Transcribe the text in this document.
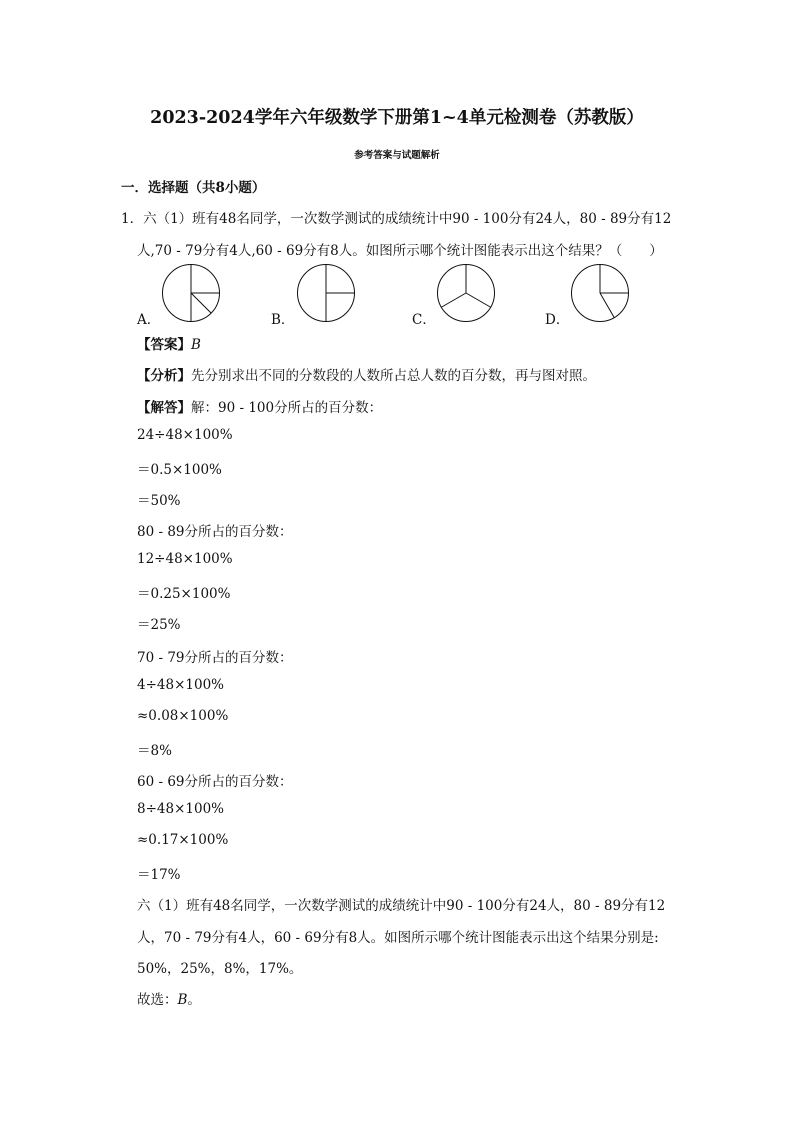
2023-2024学年六年级数学下册第1~4单元检测卷（苏教版）
参考答案与试题解析
一．选择题（共8小题）
1．六（1）班有48名同学，一次数学测试的成绩统计中90 - 100分有24人，80 - 89分有12
人,70 - 79分有4人,60 - 69分有8人。如图所示哪个统计图能表示出这个结果？（　　）
A．	B．	C．	D．
【答案】B
【分析】先分别求出不同的分数段的人数所占总人数的百分数，再与图对照。
【解答】解：90 - 100分所占的百分数：
24÷48×100%
＝0.5×100%
＝50%
80 - 89分所占的百分数：
12÷48×100%
＝0.25×100%
＝25%
70 - 79分所占的百分数：
4÷48×100%
≈0.08×100%
＝8%
60 - 69分所占的百分数：
8÷48×100%
≈0.17×100%
＝17%
六（1）班有48名同学，一次数学测试的成绩统计中90 - 100分有24人，80 - 89分有12
人，70 - 79分有4人，60 - 69分有8人。如图所示哪个统计图能表示出这个结果分别是:
50%，25%，8%，17%。
故选：B。
